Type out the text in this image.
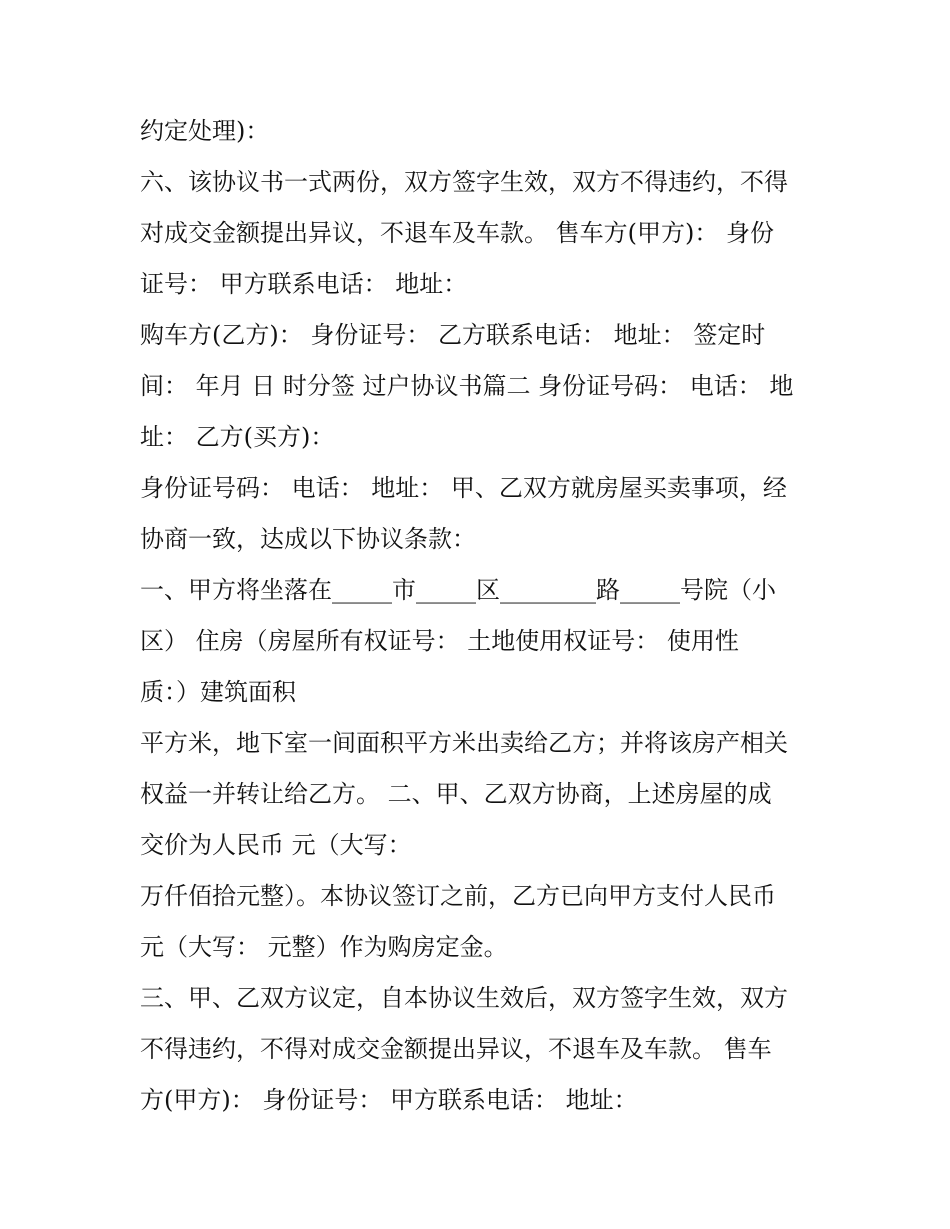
约定处理)：
六、该协议书一式两份，双方签字生效，双方不得违约，不得
对成交金额提出异议，不退车及车款。 售车方(甲方)： 身份
证号： 甲方联系电话： 地址：
购车方(乙方)： 身份证号： 乙方联系电话： 地址： 签定时
间： 年月 日 时分签 过户协议书篇二 身份证号码： 电话： 地
址： 乙方(买方)：
身份证号码： 电话： 地址： 甲、乙双方就房屋买卖事项，经
协商一致，达成以下协议条款：
一、甲方将坐落在_____市_____区________路_____号院（小
区） 住房（房屋所有权证号： 土地使用权证号： 使用性
质：）建筑面积
平方米，地下室一间面积平方米出卖给乙方；并将该房产相关
权益一并转让给乙方。 二、甲、乙双方协商，上述房屋的成
交价为人民币 元（大写：
万仟佰拾元整）。本协议签订之前，乙方已向甲方支付人民币
元（大写： 元整）作为购房定金。
三、甲、乙双方议定，自本协议生效后，双方签字生效，双方
不得违约，不得对成交金额提出异议，不退车及车款。 售车
方(甲方)： 身份证号： 甲方联系电话： 地址：
